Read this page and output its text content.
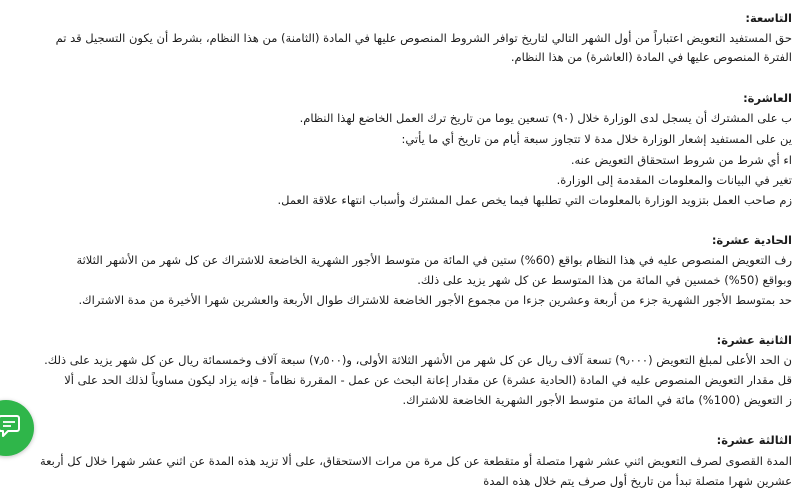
التاسعة:
حق المستفيد التعويض اعتباراً من أول الشهر التالي لتاريخ توافر الشروط المنصوص عليها في المادة (الثامنة) من هذا النظام، بشرط أن يكون التسجيل قد تم
الفترة المنصوص عليها في المادة (العاشرة) من هذا النظام.
العاشرة:
ب على المشترك أن يسجل لدى الوزارة خلال (٩٠) تسعين يوما من تاريخ ترك العمل الخاضع لهذا النظام.
ين على المستفيد إشعار الوزارة خلال مدة لا تتجاوز سبعة أيام من تاريخ أي ما يأتي:
اء أي شرط من شروط استحقاق التعويض عنه.
تغير في البيانات والمعلومات المقدمة إلى الوزارة.
زم صاحب العمل بتزويد الوزارة بالمعلومات التي تطلبها فيما يخص عمل المشترك وأسباب انتهاء علاقة العمل.
الحادية عشرة:
رف التعويض المنصوص عليه في هذا النظام بواقع (60%) ستين في المائة من متوسط الأجور الشهرية الخاضعة للاشتراك عن كل شهر من الأشهر الثلاثة
وبواقع (50%) خمسين في المائة من هذا المتوسط عن كل شهر يزيد على ذلك.
حد بمتوسط الأجور الشهرية جزء من أربعة وعشرين جزءا من مجموع الأجور الخاضعة للاشتراك طوال الأربعة والعشرين شهرا الأخيرة من مدة الاشتراك.
الثانية عشرة:
ن الحد الأعلى لمبلغ التعويض (٩٫٠٠٠) تسعة آلاف ريال عن كل شهر من الأشهر الثلاثة الأولى، و(٧٫٥٠٠) سبعة آلاف وخمسمائة ريال عن كل شهر يزيد على ذلك.
قل مقدار التعويض المنصوص عليه في المادة (الحادية عشرة) عن مقدار إعانة البحث عن عمل - المقررة نظاماً - فإنه يزاد ليكون مساوياً لذلك الحد على ألا
ز التعويض (100%) مائة في المائة من متوسط الأجور الشهرية الخاضعة للاشتراك.
الثالثة عشرة:
المدة القصوى لصرف التعويض اثني عشر شهرا متصلة أو متقطعة عن كل مرة من مرات الاستحقاق، على ألا تزيد هذه المدة عن اثني عشر شهرا خلال كل أربعة
عشرين شهرا متصلة تبدأ من تاريخ أول صرف يتم خلال هذه المدة
